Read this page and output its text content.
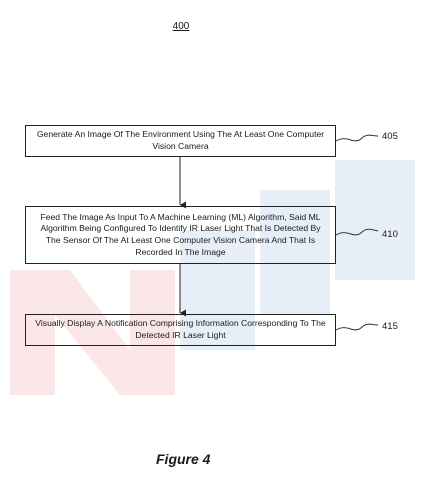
400
Generate An Image Of The Environment Using The At Least One Computer Vision Camera
Feed The Image As Input To A Machine Learning (ML) Algorithm, Said ML Algorithm Being Configured To Identify IR Laser Light That Is Detected By The Sensor Of The At Least One Computer Vision Camera And That Is Recorded In The Image
Visually Display A Notification Comprising Information Corresponding To The Detected IR Laser Light
405
410
415
Figure 4
